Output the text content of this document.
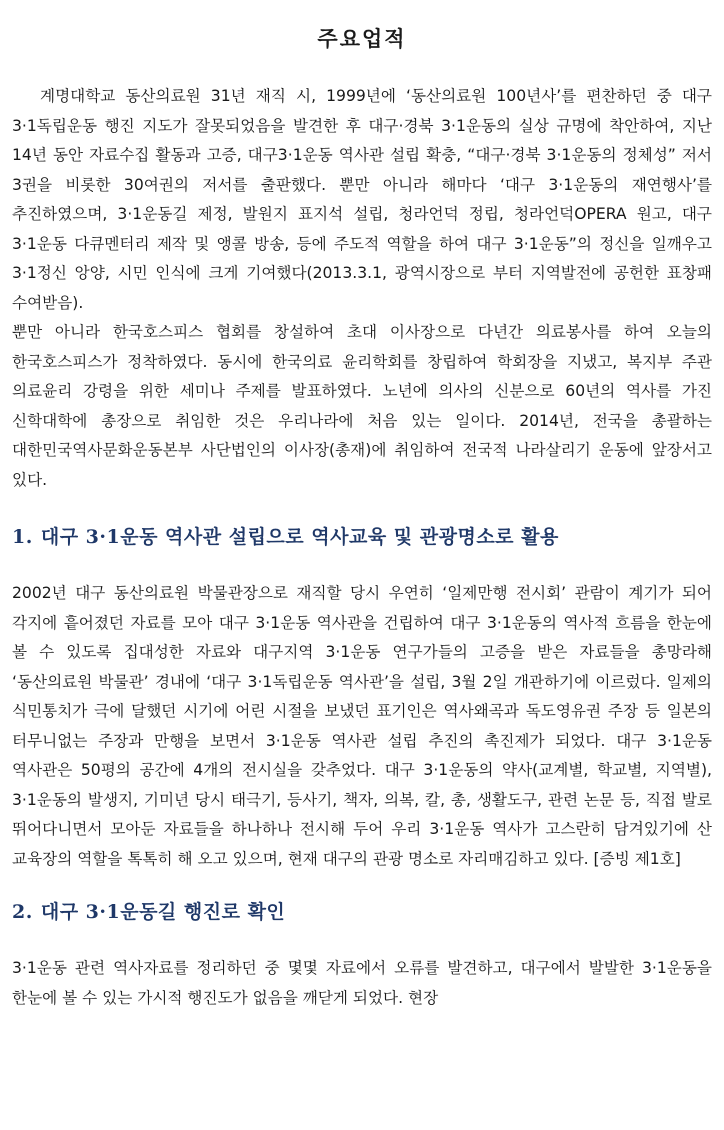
주요업적

계명대학교 동산의료원 31년 재직 시, 1999년에 ‘동산의료원 100년사’를 편찬하던 중 대구 3·1독립운동 행진 지도가 잘못되었음을 발견한 후 대구·경북 3·1운동의 실상 규명에 착안하여, 지난 14년 동안 자료수집 활동과 고증, 대구3·1운동 역사관 설립 확충, “대구·경북 3·1운동의 정체성” 저서 3권을 비롯한 30여권의 저서를 출판했다. 뿐만 아니라 해마다 ‘대구 3·1운동의 재연행사’를 추진하였으며, 3·1운동길 제정, 발원지 표지석 설립, 청라언덕 정립, 청라언덕OPERA 원고, 대구 3·1운동 다큐멘터리 제작 및 앵콜 방송, 등에 주도적 역할을 하여 대구 3·1운동”의 정신을 일깨우고 3·1정신 앙양, 시민 인식에 크게 기여했다(2013.3.1, 광역시장으로 부터 지역발전에 공헌한 표창패 수여받음).

뿐만 아니라 한국호스피스 협회를 창설하여 초대 이사장으로 다년간 의료봉사를 하여 오늘의 한국호스피스가 정착하였다. 동시에 한국의료 윤리학회를 창립하여 학회장을 지냈고, 복지부 주관 의료윤리 강령을 위한 세미나 주제를 발표하였다. 노년에 의사의 신분으로 60년의 역사를 가진 신학대학에 총장으로 취임한 것은 우리나라에 처음 있는 일이다. 2014년, 전국을 총괄하는 대한민국역사문화운동본부 사단법인의 이사장(총재)에 취임하여 전국적 나라살리기 운동에 앞장서고 있다.

1. 대구 3·1운동 역사관 설립으로 역사교육 및 관광명소로 활용

2002년 대구 동산의료원 박물관장으로 재직할 당시 우연히 ‘일제만행 전시회’ 관람이 계기가 되어 각지에 흩어졌던 자료를 모아 대구 3·1운동 역사관을 건립하여 대구 3·1운동의 역사적 흐름을 한눈에 볼 수 있도록 집대성한 자료와 대구지역 3·1운동 연구가들의 고증을 받은 자료들을 총망라해 ‘동산의료원 박물관’ 경내에 ‘대구 3·1독립운동 역사관’을 설립, 3월 2일 개관하기에 이르렀다. 일제의 식민통치가 극에 달했던 시기에 어린 시절을 보냈던 표기인은 역사왜곡과 독도영유권 주장 등 일본의 터무니없는 주장과 만행을 보면서 3·1운동 역사관 설립 추진의 촉진제가 되었다. 대구 3·1운동 역사관은 50평의 공간에 4개의 전시실을 갖추었다. 대구 3·1운동의 약사(교계별, 학교별, 지역별), 3·1운동의 발생지, 기미년 당시 태극기, 등사기, 책자, 의복, 칼, 총, 생활도구, 관련 논문 등, 직접 발로 뛰어다니면서 모아둔 자료들을 하나하나 전시해 두어 우리 3·1운동 역사가 고스란히 담겨있기에 산 교육장의 역할을 톡톡히 해 오고 있으며, 현재 대구의 관광 명소로 자리매김하고 있다. [증빙 제1호]

2. 대구 3·1운동길 행진로 확인

3·1운동 관련 역사자료를 정리하던 중 몇몇 자료에서 오류를 발견하고, 대구에서 발발한 3·1운동을 한눈에 볼 수 있는 가시적 행진도가 없음을 깨닫게 되었다. 현장
